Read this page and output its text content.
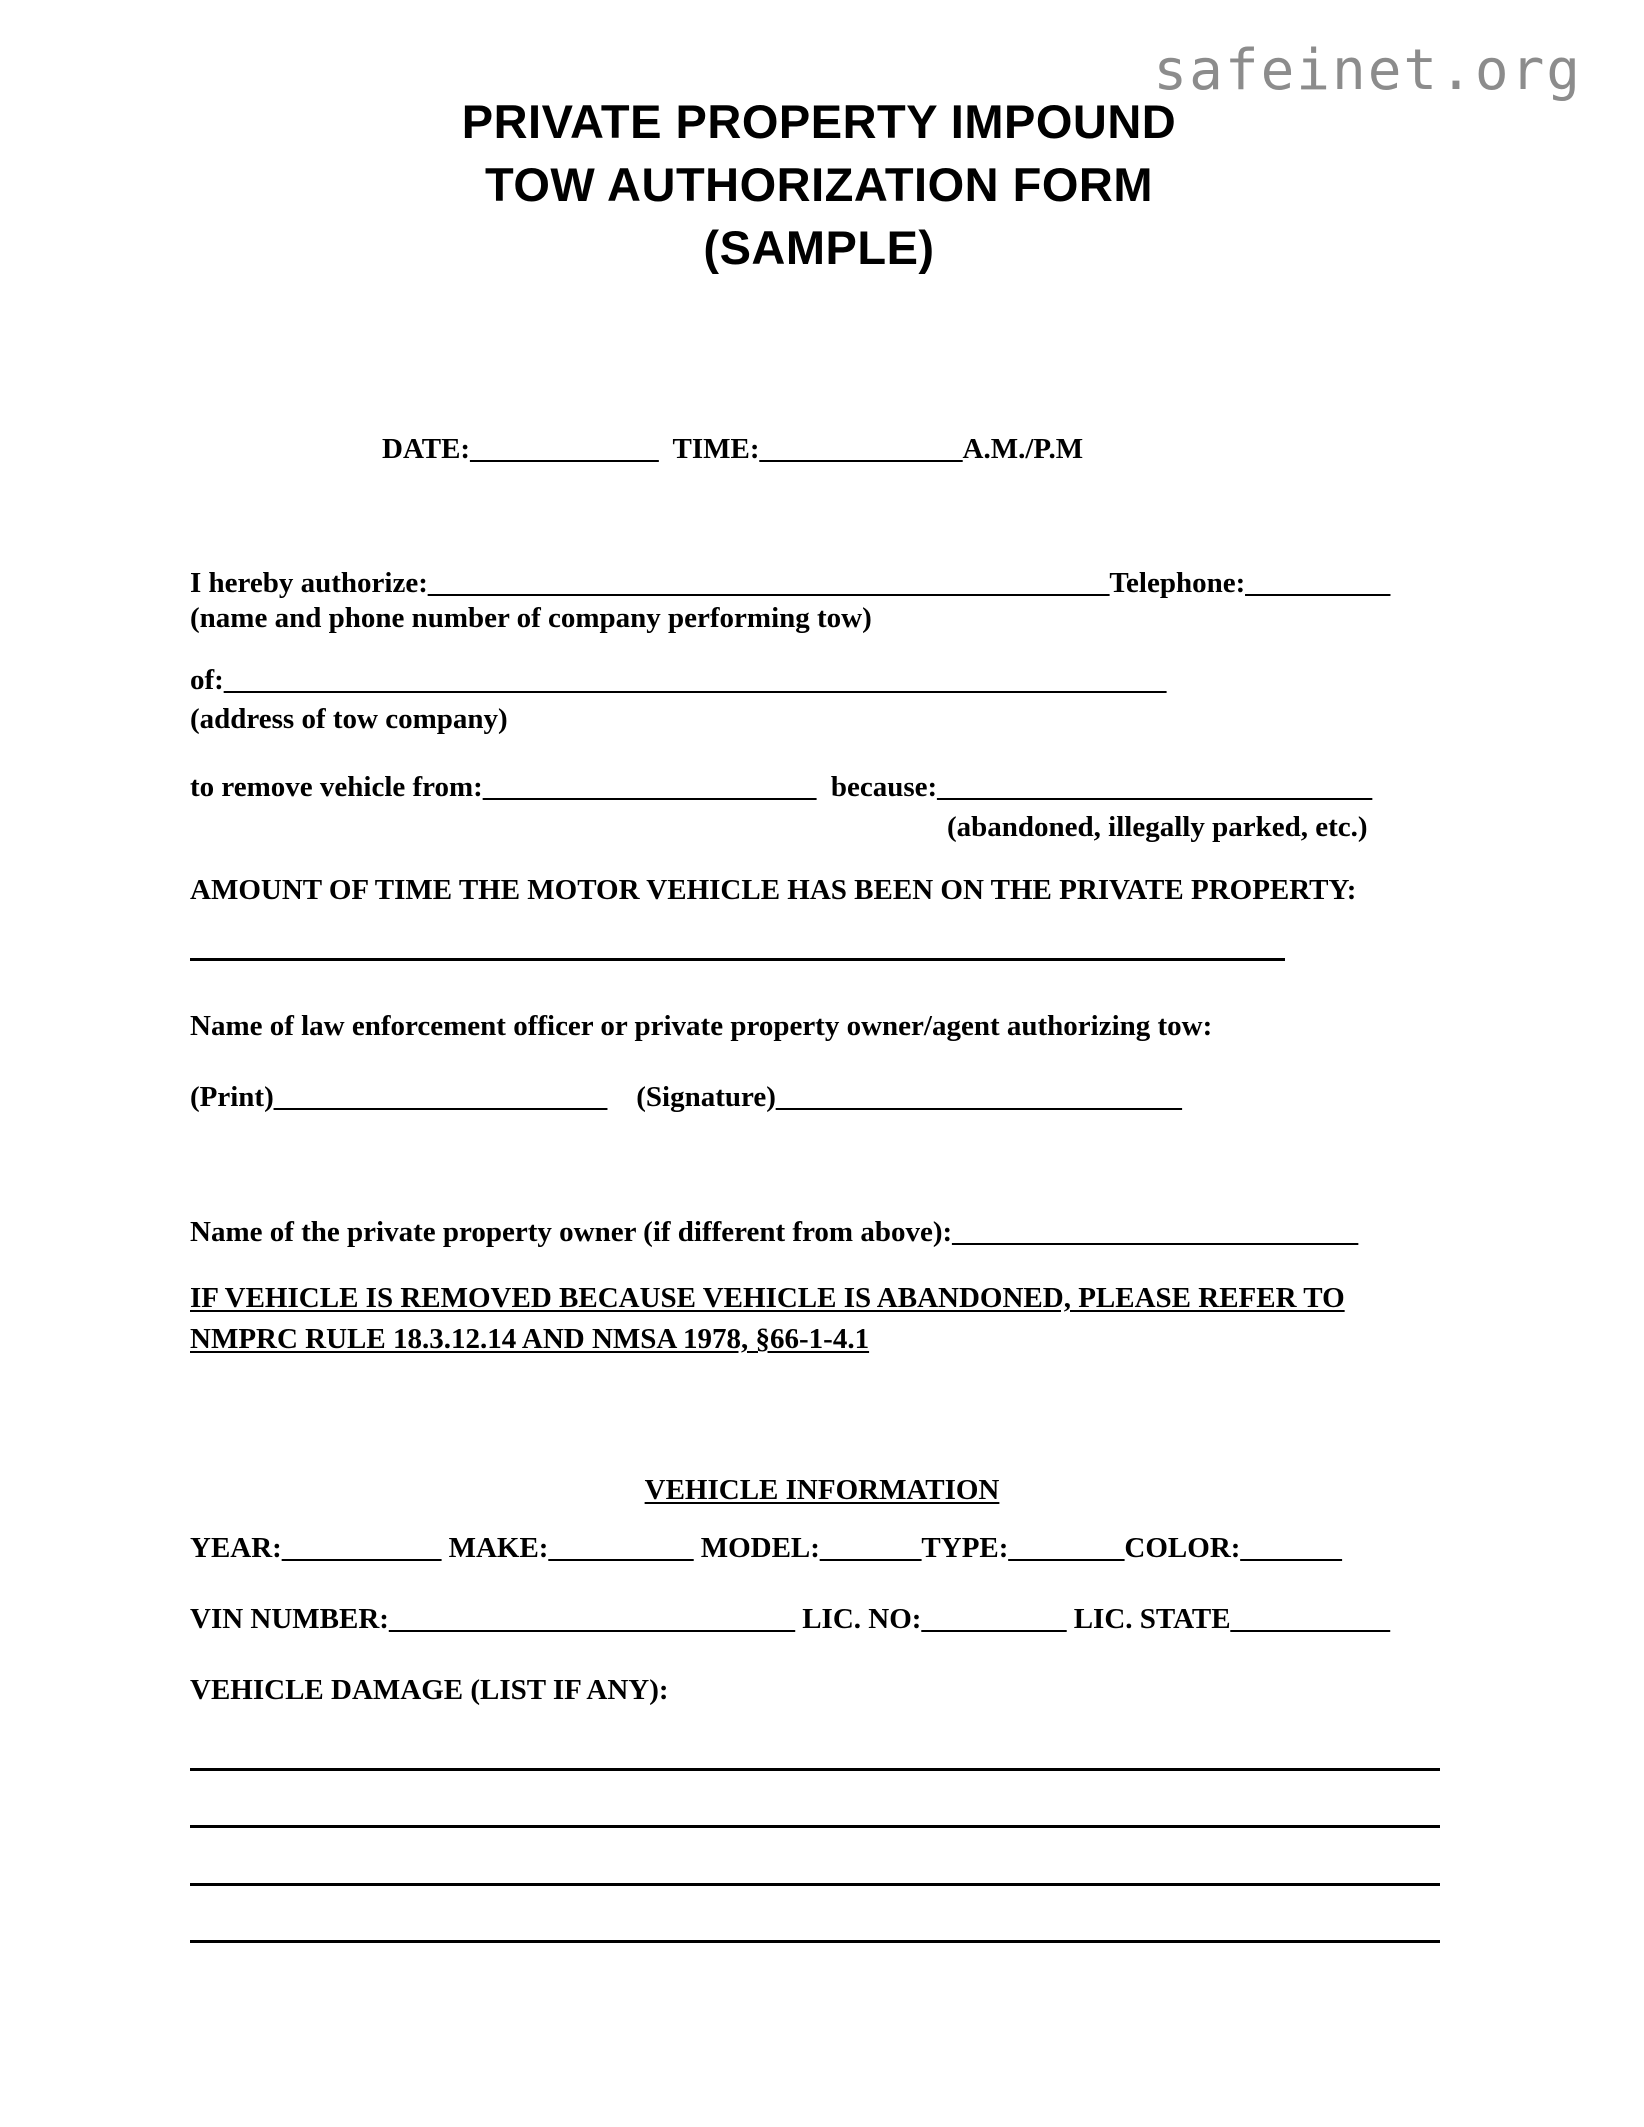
safeinet.org
PRIVATE PROPERTY IMPOUND
TOW AUTHORIZATION FORM
(SAMPLE)
DATE:_____________  TIME:______________A.M./P.M
I hereby authorize:_______________________________________________Telephone:__________
(name and phone number of company performing tow)
of:_________________________________________________________________
(address of tow company)
to remove vehicle from:_______________________  because:______________________________
(abandoned, illegally parked, etc.)
AMOUNT OF TIME THE MOTOR VEHICLE HAS BEEN ON THE PRIVATE PROPERTY:
Name of law enforcement officer or private property owner/agent authorizing tow:
(Print)_______________________    (Signature)____________________________
Name of the private property owner (if different from above):____________________________
IF VEHICLE IS REMOVED BECAUSE VEHICLE IS ABANDONED, PLEASE REFER TO
NMPRC RULE 18.3.12.14 AND NMSA 1978, §66-1-4.1
VEHICLE INFORMATION
YEAR:___________ MAKE:__________ MODEL:_______TYPE:________COLOR:_______
VIN NUMBER:____________________________ LIC. NO:__________ LIC. STATE___________
VEHICLE DAMAGE (LIST IF ANY):
